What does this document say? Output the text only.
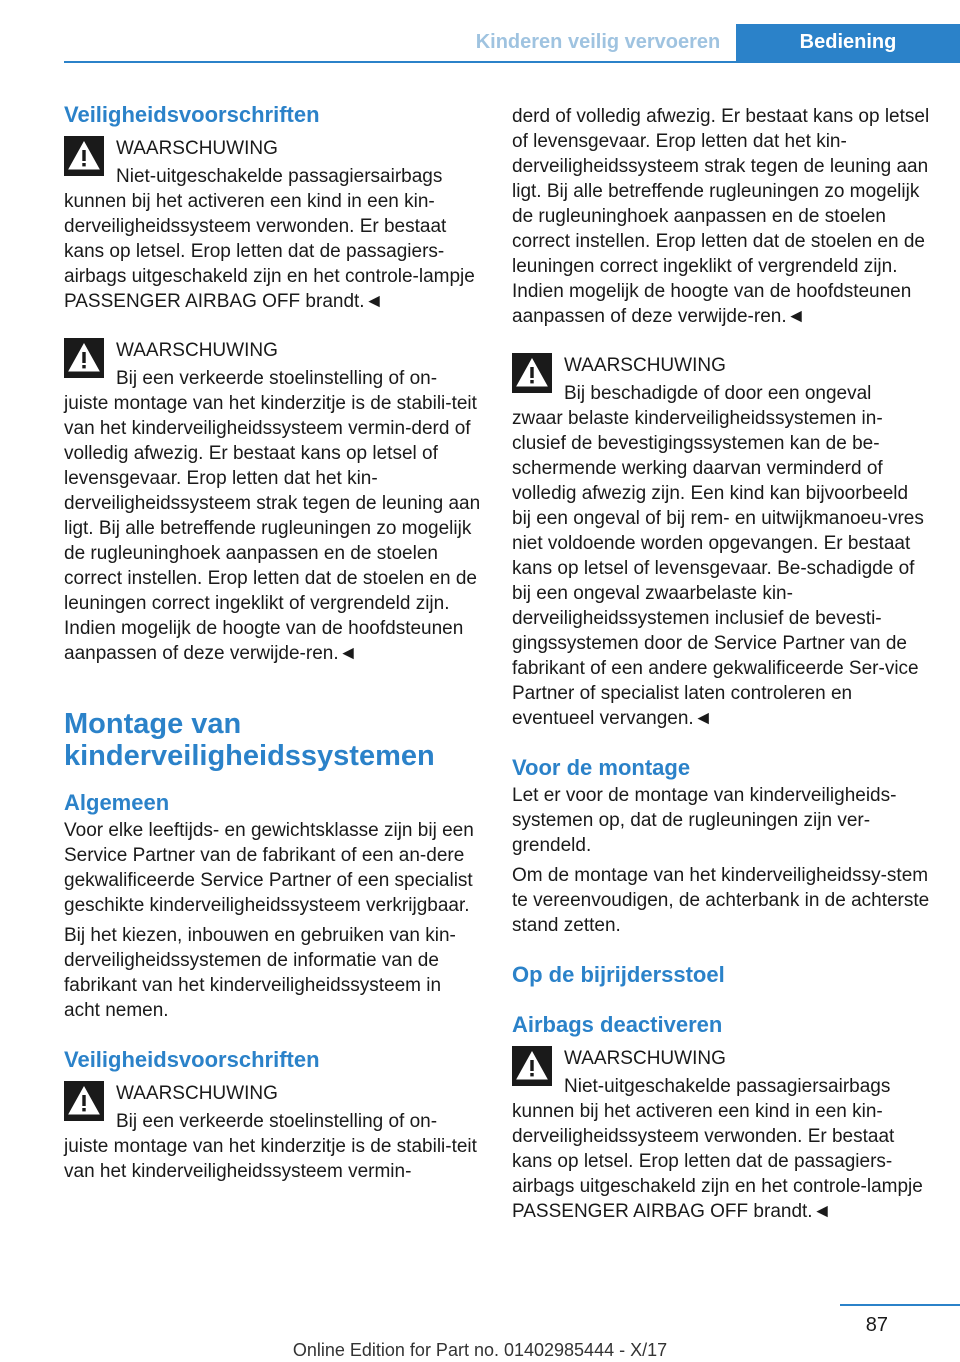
Kinderen veilig vervoeren	Bediening

Veiligheidsvoorschriften

WAARSCHUWING
Niet-uitgeschakelde passagiersairbags
kunnen bij het activeren een kind in een kin-derveiligheidssysteem verwonden. Er bestaat kans op letsel. Erop letten dat de passagiers-airbags uitgeschakeld zijn en het controle-lampje PASSENGER AIRBAG OFF brandt.◄
WAARSCHUWING
Bij een verkeerde stoelinstelling of on-
juiste montage van het kinderzitje is de stabili-teit van het kinderveiligheidssysteem vermin-derd of volledig afwezig. Er bestaat kans op letsel of levensgevaar. Erop letten dat het kin-derveiligheidssysteem strak tegen de leuning aan ligt. Bij alle betreffende rugleuningen zo mogelijk de rugleuninghoek aanpassen en de stoelen correct instellen. Erop letten dat de stoelen en de leuningen correct ingeklikt of vergrendeld zijn. Indien mogelijk de hoogte van de hoofdsteunen aanpassen of deze verwijde-ren.◄

Montage van kinderveiligheidssystemen

Algemeen

Voor elke leeftijds- en gewichtsklasse zijn bij een Service Partner van de fabrikant of een an-dere gekwalificeerde Service Partner of een specialist geschikte kinderveiligheidssysteem verkrijgbaar.

Bij het kiezen, inbouwen en gebruiken van kin-derveiligheidssystemen de informatie van de fabrikant van het kinderveiligheidssysteem in acht nemen.

Veiligheidsvoorschriften

WAARSCHUWING
Bij een verkeerde stoelinstelling of on-
juiste montage van het kinderzitje is de stabili-teit van het kinderveiligheidssysteem vermin-

derd of volledig afwezig. Er bestaat kans op letsel of levensgevaar. Erop letten dat het kin-derveiligheidssysteem strak tegen de leuning aan ligt. Bij alle betreffende rugleuningen zo mogelijk de rugleuninghoek aanpassen en de stoelen correct instellen. Erop letten dat de stoelen en de leuningen correct ingeklikt of vergrendeld zijn. Indien mogelijk de hoogte van de hoofdsteunen aanpassen of deze verwijde-ren.◄

WAARSCHUWING
Bij beschadigde of door een ongeval
zwaar belaste kinderveiligheidssystemen in-clusief de bevestigingssystemen kan de be-schermende werking daarvan verminderd of volledig afwezig zijn. Een kind kan bijvoorbeeld bij een ongeval of bij rem- en uitwijkmanoeu-vres niet voldoende worden opgevangen. Er bestaat kans op letsel of levensgevaar. Be-schadigde of bij een ongeval zwaarbelaste kin-derveiligheidssystemen inclusief de bevesti-gingssystemen door de Service Partner van de fabrikant of een andere gekwalificeerde Ser-vice Partner of specialist laten controleren en eventueel vervangen.◄

Voor de montage

Let er voor de montage van kinderveiligheids-systemen op, dat de rugleuningen zijn ver-grendeld.

Om de montage van het kinderveiligheidssy-stem te vereenvoudigen, de achterbank in de achterste stand zetten.

Op de bijrijdersstoel

Airbags deactiveren

WAARSCHUWING
Niet-uitgeschakelde passagiersairbags
kunnen bij het activeren een kind in een kin-derveiligheidssysteem verwonden. Er bestaat kans op letsel. Erop letten dat de passagiers-airbags uitgeschakeld zijn en het controle-lampje PASSENGER AIRBAG OFF brandt.◄
87
Online Edition for Part no. 01402985444 - X/17
